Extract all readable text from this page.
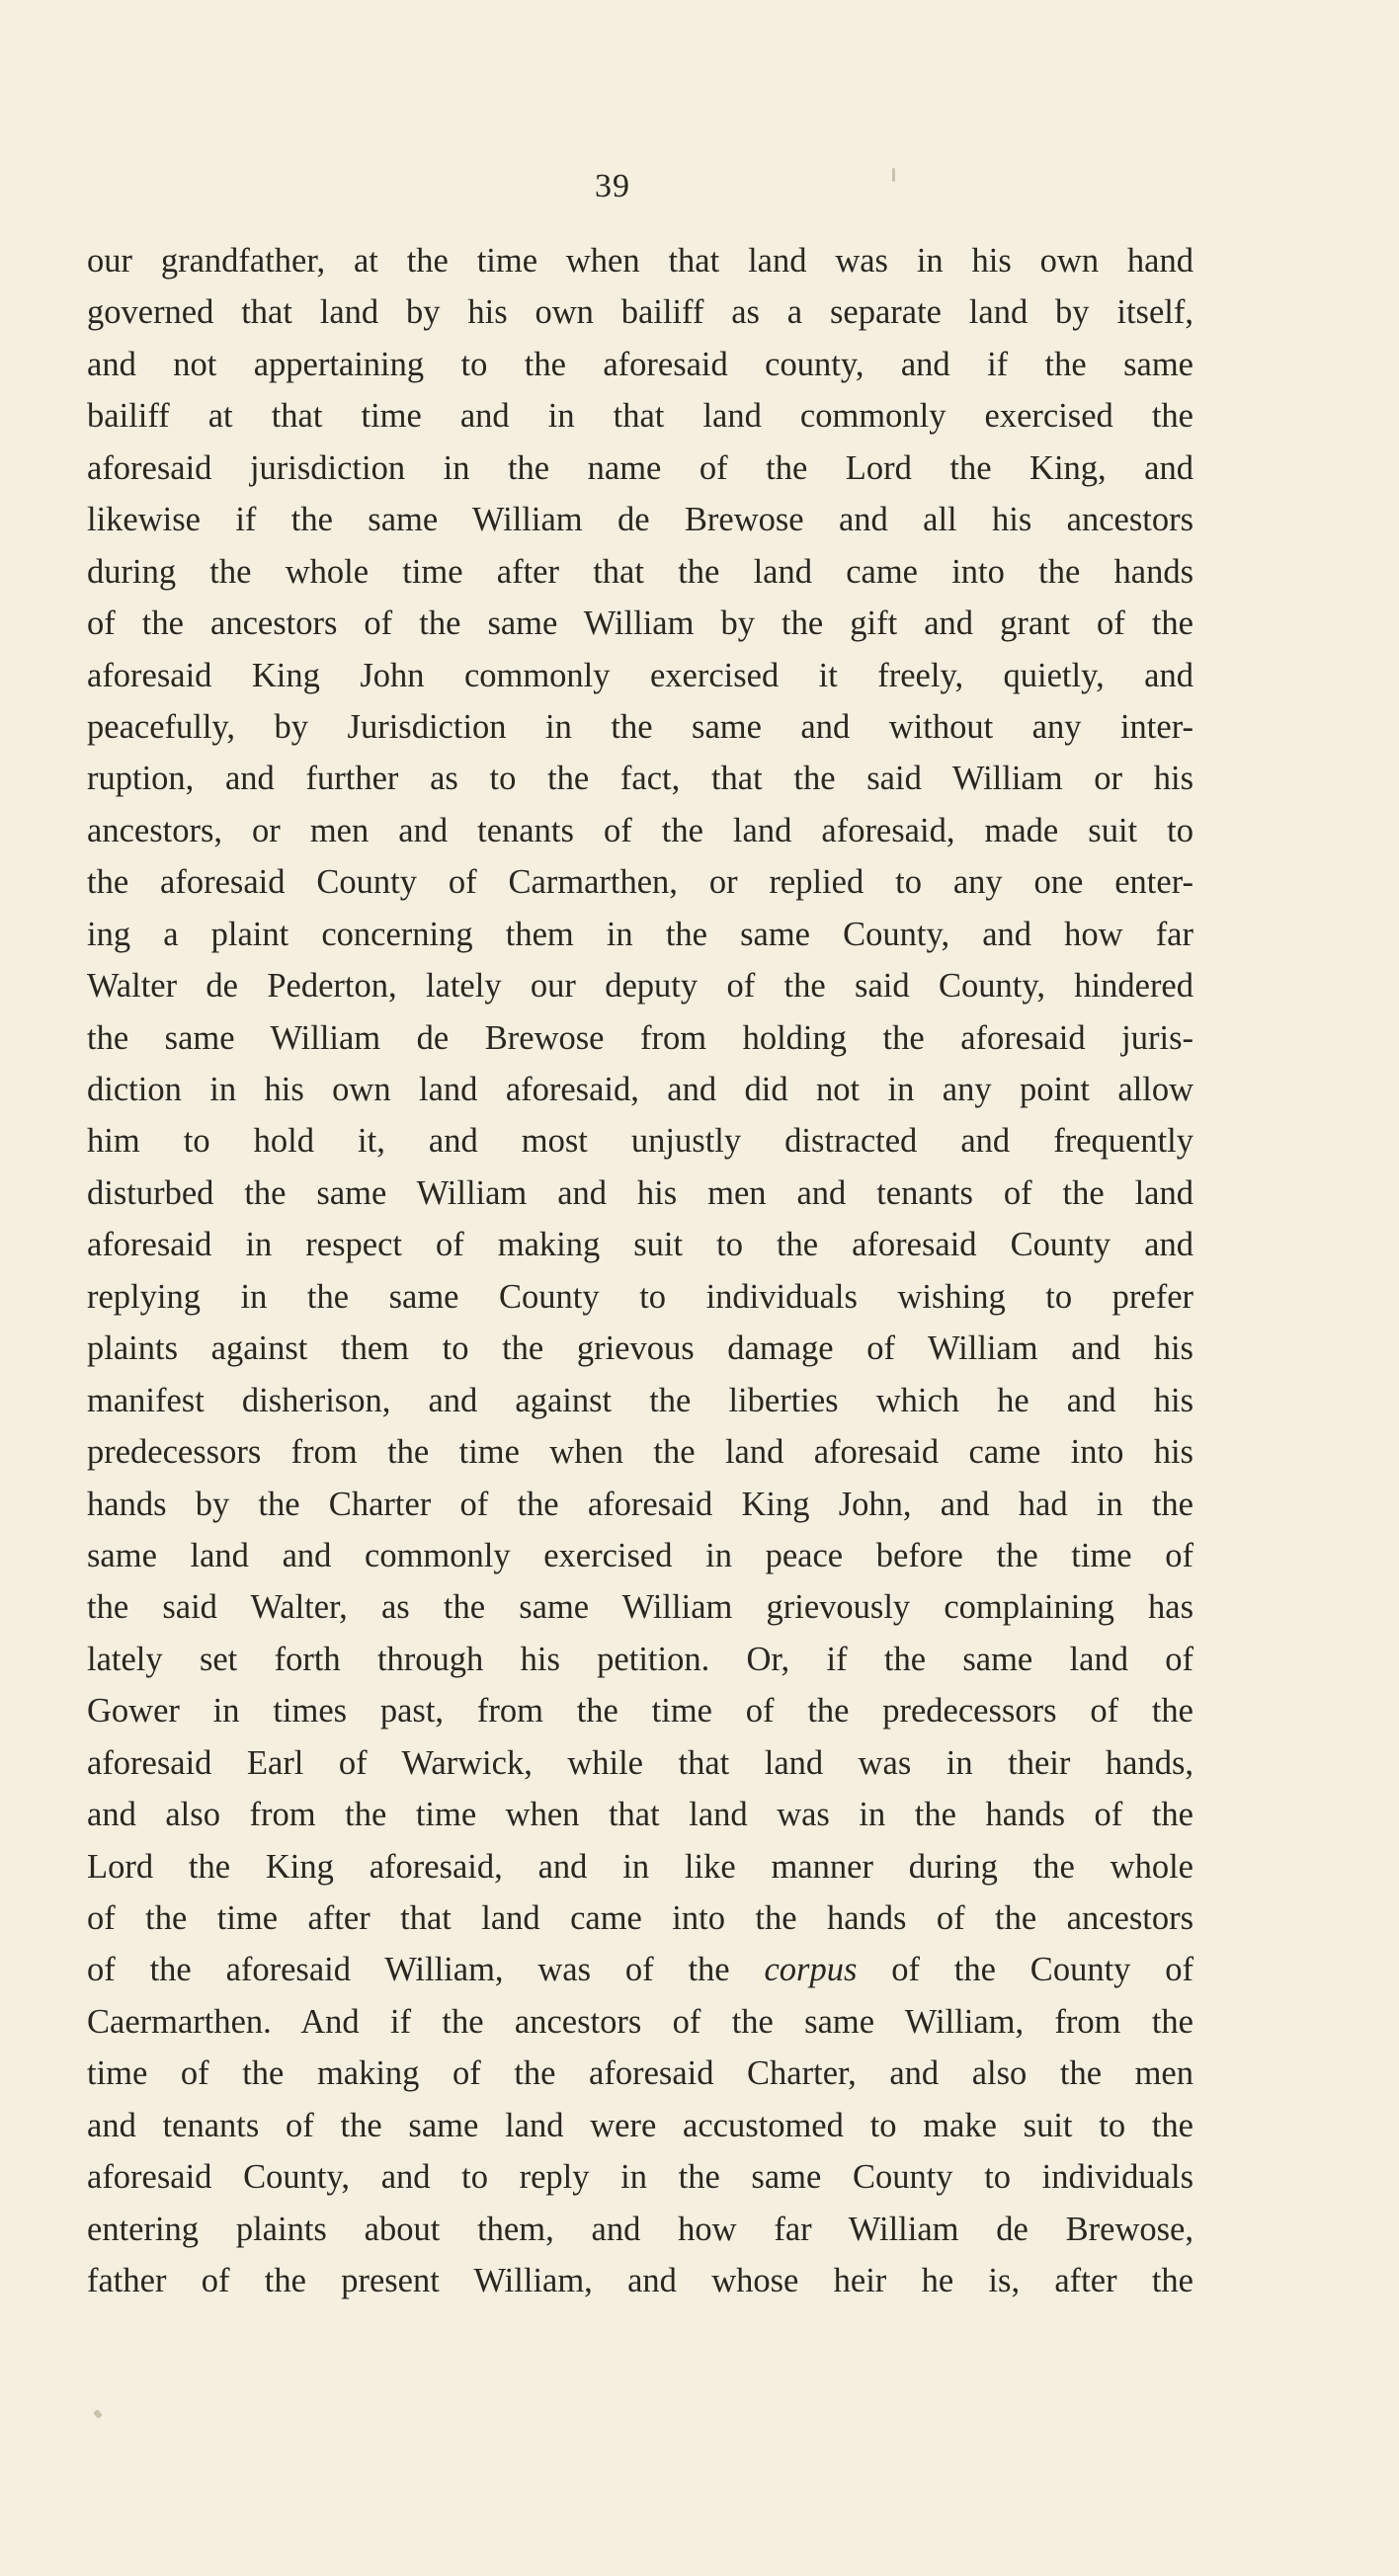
39
our grandfather, at the time when that land was in his own hand
governed that land by his own bailiff as a separate land by itself,
and not appertaining to the aforesaid county, and if the same
bailiff at that time and in that land commonly exercised the
aforesaid jurisdiction in the name of the Lord the King, and
likewise if the same William de Brewose and all his ancestors
during the whole time after that the land came into the hands
of the ancestors of the same William by the gift and grant of the
aforesaid King John commonly exercised it freely, quietly, and
peacefully, by Jurisdiction in the same and without any inter-
ruption, and further as to the fact, that the said William or his
ancestors, or men and tenants of the land aforesaid, made suit to
the aforesaid County of Carmarthen, or replied to any one enter-
ing a plaint concerning them in the same County, and how far
Walter de Pederton, lately our deputy of the said County, hindered
the same William de Brewose from holding the aforesaid juris-
diction in his own land aforesaid, and did not in any point allow
him to hold it, and most unjustly distracted and frequently
disturbed the same William and his men and tenants of the land
aforesaid in respect of making suit to the aforesaid County and
replying in the same County to individuals wishing to prefer
plaints against them to the grievous damage of William and his
manifest disherison, and against the liberties which he and his
predecessors from the time when the land aforesaid came into his
hands by the Charter of the aforesaid King John, and had in the
same land and commonly exercised in peace before the time of
the said Walter, as the same William grievously complaining has
lately set forth through his petition. Or, if the same land of
Gower in times past, from the time of the predecessors of the
aforesaid Earl of Warwick, while that land was in their hands,
and also from the time when that land was in the hands of the
Lord the King aforesaid, and in like manner during the whole
of the time after that land came into the hands of the ancestors
of the aforesaid William, was of the corpus of the County of
Caermarthen. And if the ancestors of the same William, from the
time of the making of the aforesaid Charter, and also the men
and tenants of the same land were accustomed to make suit to the
aforesaid County, and to reply in the same County to individuals
entering plaints about them, and how far William de Brewose,
father of the present William, and whose heir he is, after the
